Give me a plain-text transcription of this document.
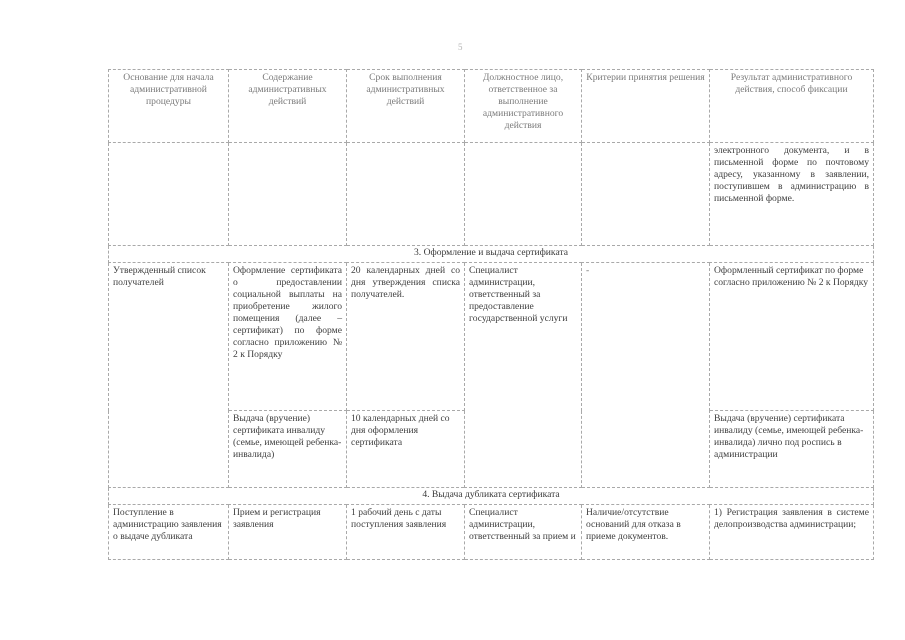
5
Основание для начала административной процедуры	Содержание административных действий	Срок выполнения административных действий	Должностное лицо, ответственное за выполнение административного действия	Критерии принятия решения	Результат административного действия, способ фиксации
					электронного документа, и в письменной форме по почтовому адресу, указанному в заявлении, поступившем в администрацию в письменной форме.
3. Оформление и выдача сертификата					
Утвержденный список получателей	Оформление сертификата о предоставлении социальной выплаты на приобретение жилого помещения (далее – сертификат) по форме согласно приложению № 2 к Порядку	20 календарных дней со дня утверждения списка получателей.	Специалист администрации, ответственный за предоставление государственной услуги	-	Оформленный сертификат по форме согласно приложению № 2 к Порядку
	Выдача (вручение) сертификата инвалиду (семье, имеющей ребенка-инвалида)	10 календарных дней со дня оформления сертификата			Выдача (вручение) сертификата инвалиду (семье, имеющей ребенка-инвалида) лично под роспись в администрации
4. Выдача дубликата сертификата					
Поступление в администрацию заявления о выдаче дубликата	Прием и регистрация заявления	1 рабочий день с даты поступления заявления	Специалист администрации, ответственный за прием и	Наличие/отсутствие оснований для отказа в приеме документов.	1) Регистрация заявления в системе делопроизводства администрации;
